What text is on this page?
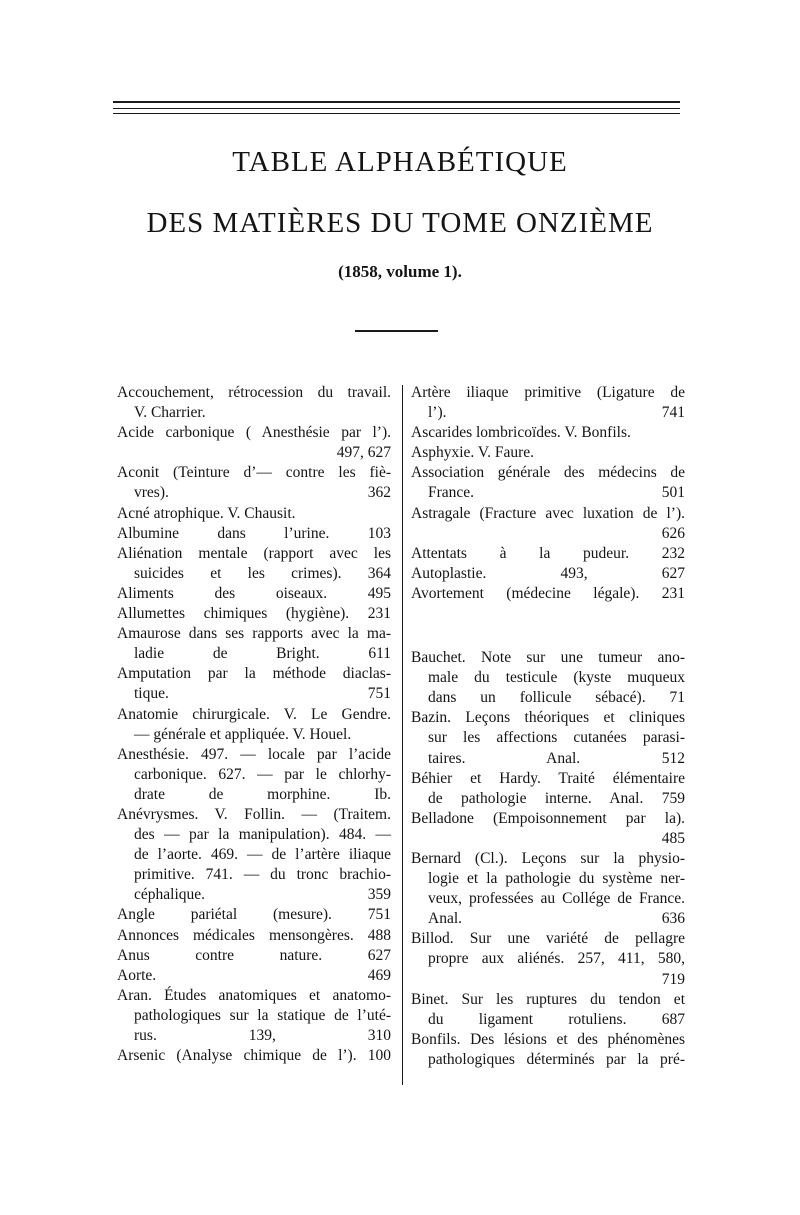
TABLE ALPHABÉTIQUE
DES MATIÈRES DU TOME ONZIÈME
(1858, volume 1).
Accouchement, rétrocession du travail.
V. Charrier.
Acide carbonique ( Anesthésie par l’).
497, 627
Aconit (Teinture d’— contre les fiè-
vres). 362
Acné atrophique. V. Chausit.
Albumine dans l’urine. 103
Aliénation mentale (rapport avec les
suicides et les crimes). 364
Aliments des oiseaux. 495
Allumettes chimiques (hygiène). 231
Amaurose dans ses rapports avec la ma-
ladie de Bright. 611
Amputation par la méthode diaclas-
tique. 751
Anatomie chirurgicale. V. Le Gendre.
— générale et appliquée. V. Houel.
Anesthésie. 497. — locale par l’acide
carbonique. 627. — par le chlorhy-
drate de morphine. Ib.
Anévrysmes. V. Follin. — (Traitem.
des — par la manipulation). 484. —
de l’aorte. 469. — de l’artère iliaque
primitive. 741. — du tronc brachio-
céphalique. 359
Angle pariétal (mesure). 751
Annonces médicales mensongères. 488
Anus contre nature. 627
Aorte. 469
Aran. Études anatomiques et anatomo-
pathologiques sur la statique de l’uté-
rus. 139, 310
Arsenic (Analyse chimique de l’). 100
Artère iliaque primitive (Ligature de
l’). 741
Ascarides lombricoïdes. V. Bonfils.
Asphyxie. V. Faure.
Association générale des médecins de
France. 501
Astragale (Fracture avec luxation de l’).
626
Attentats à la pudeur. 232
Autoplastie. 493, 627
Avortement (médecine légale). 231
Bauchet. Note sur une tumeur ano-
male du testicule (kyste muqueux
dans un follicule sébacé). 71
Bazin. Leçons théoriques et cliniques
sur les affections cutanées parasi-
taires. Anal. 512
Béhier et Hardy. Traité élémentaire
de pathologie interne. Anal. 759
Belladone (Empoisonnement par la).
485
Bernard (Cl.). Leçons sur la physio-
logie et la pathologie du système ner-
veux, professées au Collége de France.
Anal. 636
Billod. Sur une variété de pellagre
propre aux aliénés. 257, 411, 580,
719
Binet. Sur les ruptures du tendon et
du ligament rotuliens. 687
Bonfils. Des lésions et des phénomènes
pathologiques déterminés par la pré-
